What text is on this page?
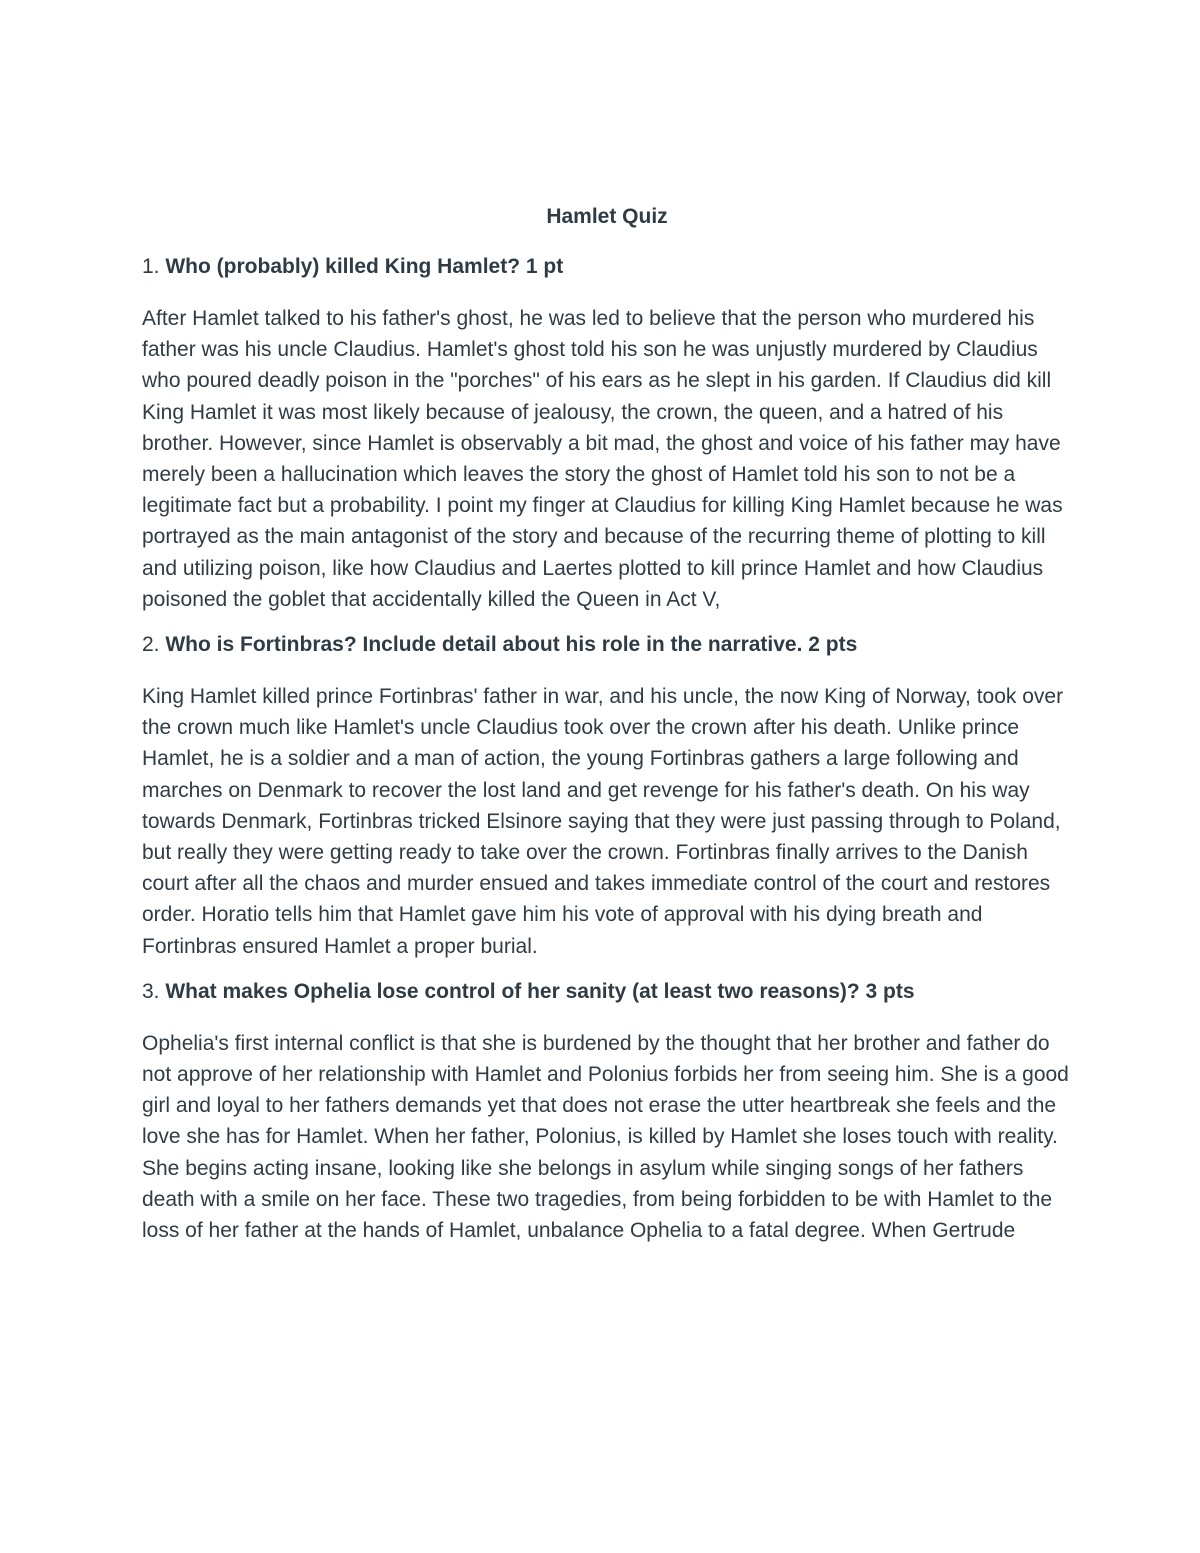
Hamlet Quiz
1. Who (probably) killed King Hamlet? 1 pt
After Hamlet talked to his father's ghost, he was led to believe that the person who murdered his father was his uncle Claudius. Hamlet's ghost told his son he was unjustly murdered by Claudius who poured deadly poison in the "porches" of his ears as he slept in his garden. If Claudius did kill King Hamlet it was most likely because of jealousy, the crown, the queen, and a hatred of his brother. However, since Hamlet is observably a bit mad, the ghost and voice of his father may have merely been a hallucination which leaves the story the ghost of Hamlet told his son to not be a legitimate fact but a probability. I point my finger at Claudius for killing King Hamlet because he was portrayed as the main antagonist of the story and because of the recurring theme of plotting to kill and utilizing poison, like how Claudius and Laertes plotted to kill prince Hamlet and how Claudius poisoned the goblet that accidentally killed the Queen in Act V,
2. Who is Fortinbras? Include detail about his role in the narrative. 2 pts
King Hamlet killed prince Fortinbras' father in war, and his uncle, the now King of Norway, took over the crown much like Hamlet's uncle Claudius took over the crown after his death. Unlike prince Hamlet, he is a soldier and a man of action, the young Fortinbras gathers a large following and marches on Denmark to recover the lost land and get revenge for his father's death. On his way towards Denmark, Fortinbras tricked Elsinore saying that they were just passing through to Poland, but really they were getting ready to take over the crown. Fortinbras finally arrives to the Danish court after all the chaos and murder ensued and takes immediate control of the court and restores order. Horatio tells him that Hamlet gave him his vote of approval with his dying breath and Fortinbras ensured Hamlet a proper burial.
3. What makes Ophelia lose control of her sanity (at least two reasons)? 3 pts
Ophelia's first internal conflict is that she is burdened by the thought that her brother and father do not approve of her relationship with Hamlet and Polonius forbids her from seeing him. She is a good girl and loyal to her fathers demands yet that does not erase the utter heartbreak she feels and the love she has for Hamlet. When her father, Polonius, is killed by Hamlet she loses touch with reality. She begins acting insane, looking like she belongs in asylum while singing songs of her fathers death with a smile on her face. These two tragedies, from being forbidden to be with Hamlet to the loss of her father at the hands of Hamlet, unbalance Ophelia to a fatal degree. When Gertrude
